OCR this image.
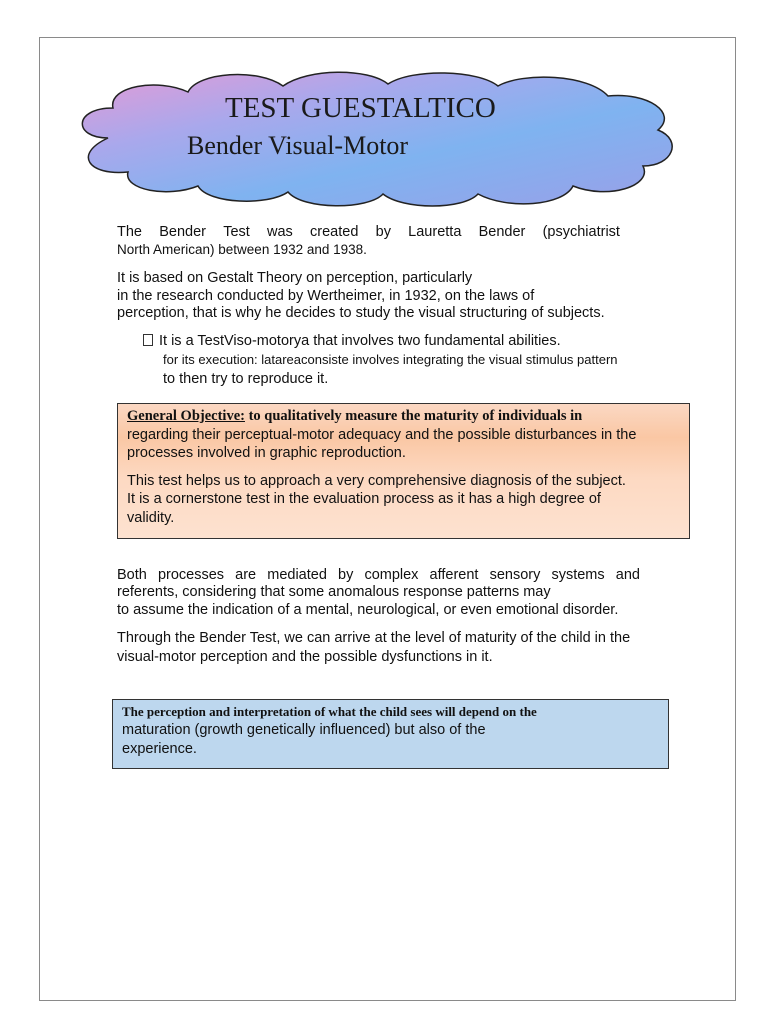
TEST GUESTALTICO
Bender Visual-Motor
The Bender Test was created by Lauretta Bender (psychiatrist
North American) between 1932 and 1938.
It is based on Gestalt Theory on perception, particularly
in the research conducted by Wertheimer, in 1932, on the laws of
perception, that is why he decides to study the visual structuring of subjects.
It is a TestViso-motorya that involves two fundamental abilities.
for its execution: latareaconsiste involves integrating the visual stimulus pattern
to then try to reproduce it.
General Objective: to qualitatively measure the maturity of individuals in
regarding their perceptual-motor adequacy and the possible disturbances in the
processes involved in graphic reproduction.
This test helps us to approach a very comprehensive diagnosis of the subject.
It is a cornerstone test in the evaluation process as it has a high degree of
validity.
Both processes are mediated by complex afferent sensory systems and
referents, considering that some anomalous response patterns may
to assume the indication of a mental, neurological, or even emotional disorder.
Through the Bender Test, we can arrive at the level of maturity of the child in the
visual-motor perception and the possible dysfunctions in it.
The perception and interpretation of what the child sees will depend on the
maturation (growth genetically influenced) but also of the
experience.
